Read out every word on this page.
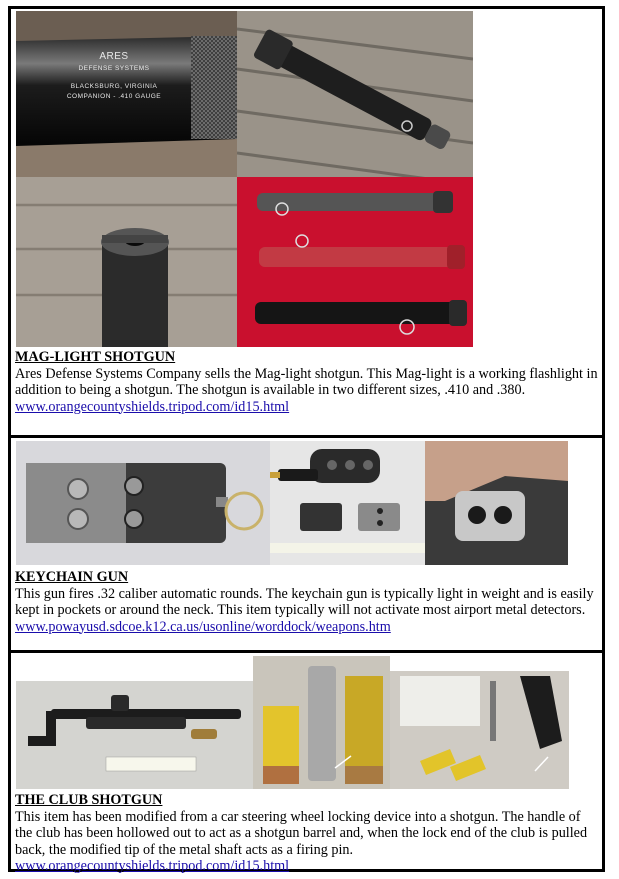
ARES
DEFENSE SYSTEMS
BLACKSBURG, VIRGINIA
COMPANION - .410 GAUGE
MAG-LIGHT SHOTGUN
Ares Defense Systems Company sells the Mag-light shotgun. This Mag-light is a working flashlight in addition to being a shotgun. The shotgun is available in two different sizes, .410 and .380.
www.orangecountyshields.tripod.com/id15.html
KEYCHAIN GUN
This gun fires .32 caliber automatic rounds. The keychain gun is typically light in weight and is easily kept in pockets or around the neck. This item typically will not activate most airport metal detectors.
www.powayusd.sdcoe.k12.ca.us/usonline/worddock/weapons.htm
THE CLUB SHOTGUN
This item has been modified from a car steering wheel locking device into a shotgun. The handle of the club has been hollowed out to act as a shotgun barrel and, when the lock end of the club is pulled back, the modified tip of the metal shaft acts as a firing pin.
www.orangecountyshields.tripod.com/id15.html
